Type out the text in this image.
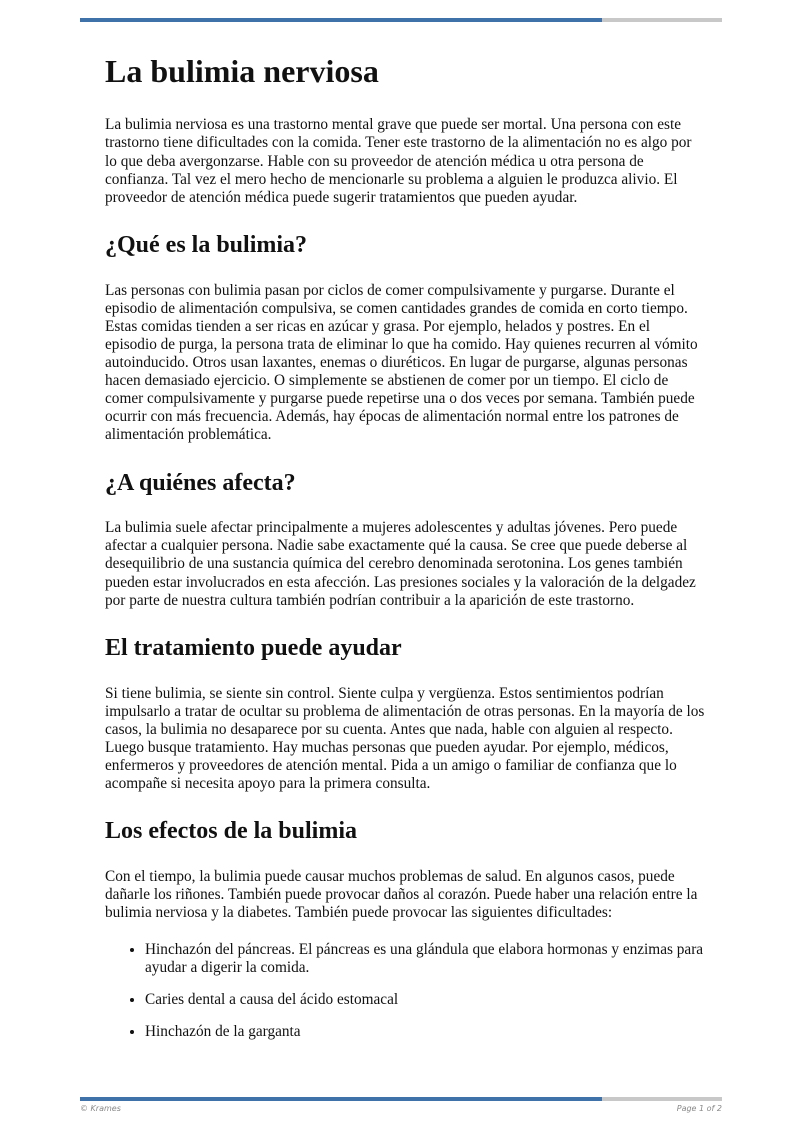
La bulimia nerviosa

La bulimia nerviosa es una trastorno mental grave que puede ser mortal. Una persona con este trastorno tiene dificultades con la comida. Tener este trastorno de la alimentación no es algo por lo que deba avergonzarse. Hable con su proveedor de atención médica u otra persona de confianza. Tal vez el mero hecho de mencionarle su problema a alguien le produzca alivio. El proveedor de atención médica puede sugerir tratamientos que pueden ayudar.

¿Qué es la bulimia?

Las personas con bulimia pasan por ciclos de comer compulsivamente y purgarse. Durante el episodio de alimentación compulsiva, se comen cantidades grandes de comida en corto tiempo. Estas comidas tienden a ser ricas en azúcar y grasa. Por ejemplo, helados y postres. En el episodio de purga, la persona trata de eliminar lo que ha comido. Hay quienes recurren al vómito autoinducido. Otros usan laxantes, enemas o diuréticos. En lugar de purgarse, algunas personas hacen demasiado ejercicio. O simplemente se abstienen de comer por un tiempo. El ciclo de comer compulsivamente y purgarse puede repetirse una o dos veces por semana. También puede ocurrir con más frecuencia. Además, hay épocas de alimentación normal entre los patrones de alimentación problemática.

¿A quiénes afecta?

La bulimia suele afectar principalmente a mujeres adolescentes y adultas jóvenes. Pero puede afectar a cualquier persona. Nadie sabe exactamente qué la causa. Se cree que puede deberse al desequilibrio de una sustancia química del cerebro denominada serotonina. Los genes también pueden estar involucrados en esta afección. Las presiones sociales y la valoración de la delgadez por parte de nuestra cultura también podrían contribuir a la aparición de este trastorno.

El tratamiento puede ayudar

Si tiene bulimia, se siente sin control. Siente culpa y vergüenza. Estos sentimientos podrían impulsarlo a tratar de ocultar su problema de alimentación de otras personas. En la mayoría de los casos, la bulimia no desaparece por su cuenta. Antes que nada, hable con alguien al respecto. Luego busque tratamiento. Hay muchas personas que pueden ayudar. Por ejemplo, médicos, enfermeros y proveedores de atención mental. Pida a un amigo o familiar de confianza que lo acompañe si necesita apoyo para la primera consulta.

Los efectos de la bulimia

Con el tiempo, la bulimia puede causar muchos problemas de salud. En algunos casos, puede dañarle los riñones. También puede provocar daños al corazón. Puede haber una relación entre la bulimia nerviosa y la diabetes. También puede provocar las siguientes dificultades:

• Hinchazón del páncreas. El páncreas es una glándula que elabora hormonas y enzimas para ayudar a digerir la comida.
• Caries dental a causa del ácido estomacal
• Hinchazón de la garganta
© Krames	Page 1 of 2
